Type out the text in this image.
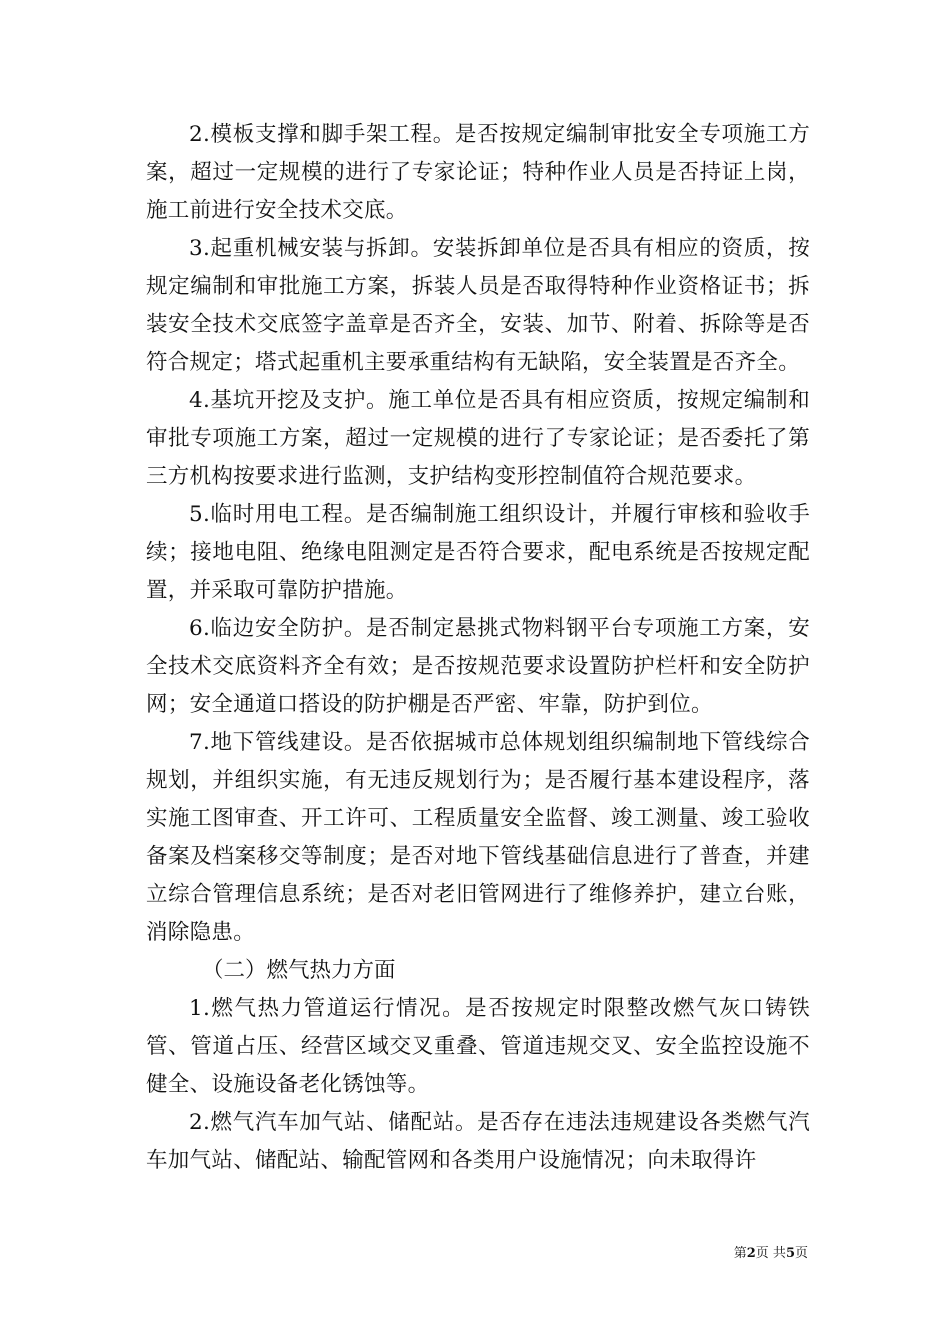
2.模板支撑和脚手架工程。是否按规定编制审批安全专项施工方案，超过一定规模的进行了专家论证；特种作业人员是否持证上岗，施工前进行安全技术交底。

3.起重机械安装与拆卸。安装拆卸单位是否具有相应的资质，按规定编制和审批施工方案，拆装人员是否取得特种作业资格证书；拆装安全技术交底签字盖章是否齐全，安装、加节、附着、拆除等是否符合规定；塔式起重机主要承重结构有无缺陷，安全装置是否齐全。

4.基坑开挖及支护。施工单位是否具有相应资质，按规定编制和审批专项施工方案，超过一定规模的进行了专家论证；是否委托了第三方机构按要求进行监测，支护结构变形控制值符合规范要求。

5.临时用电工程。是否编制施工组织设计，并履行审核和验收手续；接地电阻、绝缘电阻测定是否符合要求，配电系统是否按规定配置，并采取可靠防护措施。

6.临边安全防护。是否制定悬挑式物料钢平台专项施工方案，安全技术交底资料齐全有效；是否按规范要求设置防护栏杆和安全防护网；安全通道口搭设的防护棚是否严密、牢靠，防护到位。

7.地下管线建设。是否依据城市总体规划组织编制地下管线综合规划，并组织实施，有无违反规划行为；是否履行基本建设程序，落实施工图审查、开工许可、工程质量安全监督、竣工测量、竣工验收备案及档案移交等制度；是否对地下管线基础信息进行了普查，并建立综合管理信息系统；是否对老旧管网进行了维修养护，建立台账，消除隐患。

（二）燃气热力方面

1.燃气热力管道运行情况。是否按规定时限整改燃气灰口铸铁管、管道占压、经营区域交叉重叠、管道违规交叉、安全监控设施不健全、设施设备老化锈蚀等。

2.燃气汽车加气站、储配站。是否存在违法违规建设各类燃气汽车加气站、储配站、输配管网和各类用户设施情况；向未取得许

第2页 共5页
